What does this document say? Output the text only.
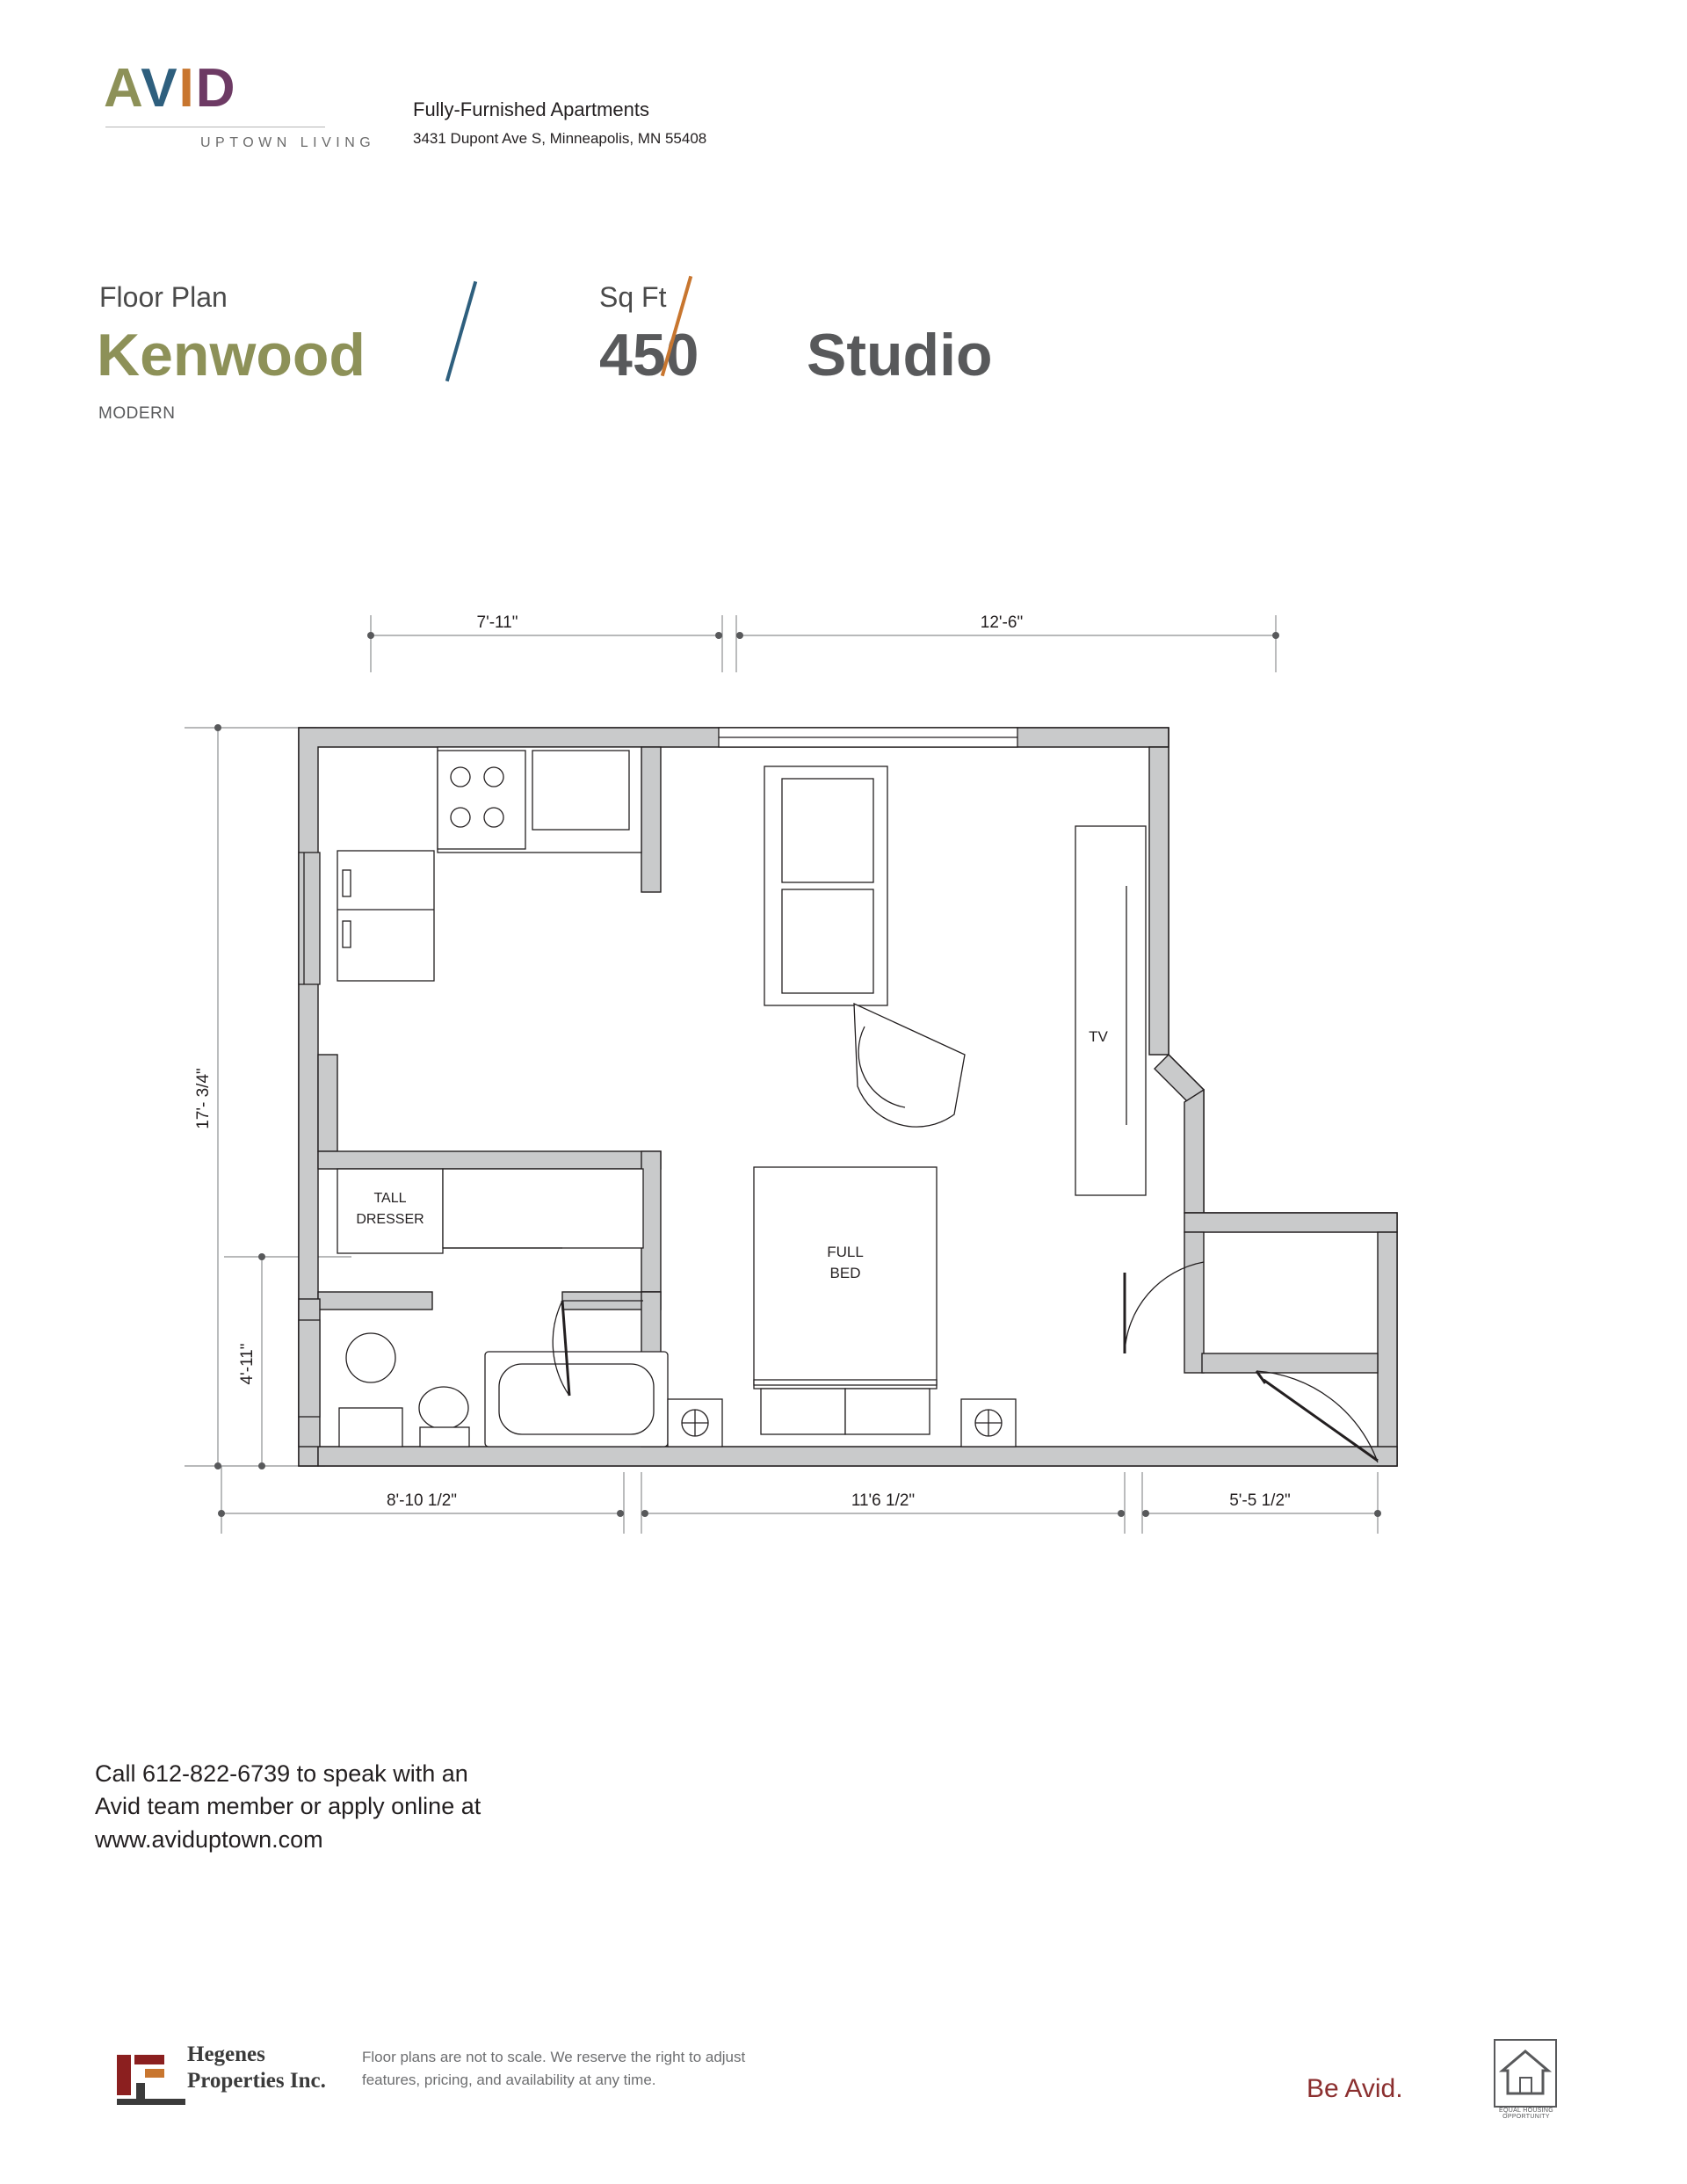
AVID
UPTOWN LIVING
Fully-Furnished Apartments
3431 Dupont Ave S, Minneapolis, MN 55408
Floor Plan	Sq Ft
Kenwood	450 Studio
MODERN
7'-11"	12'-6"
17'- 3/4"
4'-11"
8'-10 1/2"	11'6 1/2"	5'-5 1/2"
TALL
DRESSER
TV
FULL
BED
Call 612-822-6739 to speak with an
Avid team member or apply online at
www.aviduptown.com
Hegenes
Properties Inc.
Floor plans are not to scale. We reserve the right to adjust
features, pricing, and availability at any time.	Be Avid.
EQUAL HOUSING OPPORTUNITY
